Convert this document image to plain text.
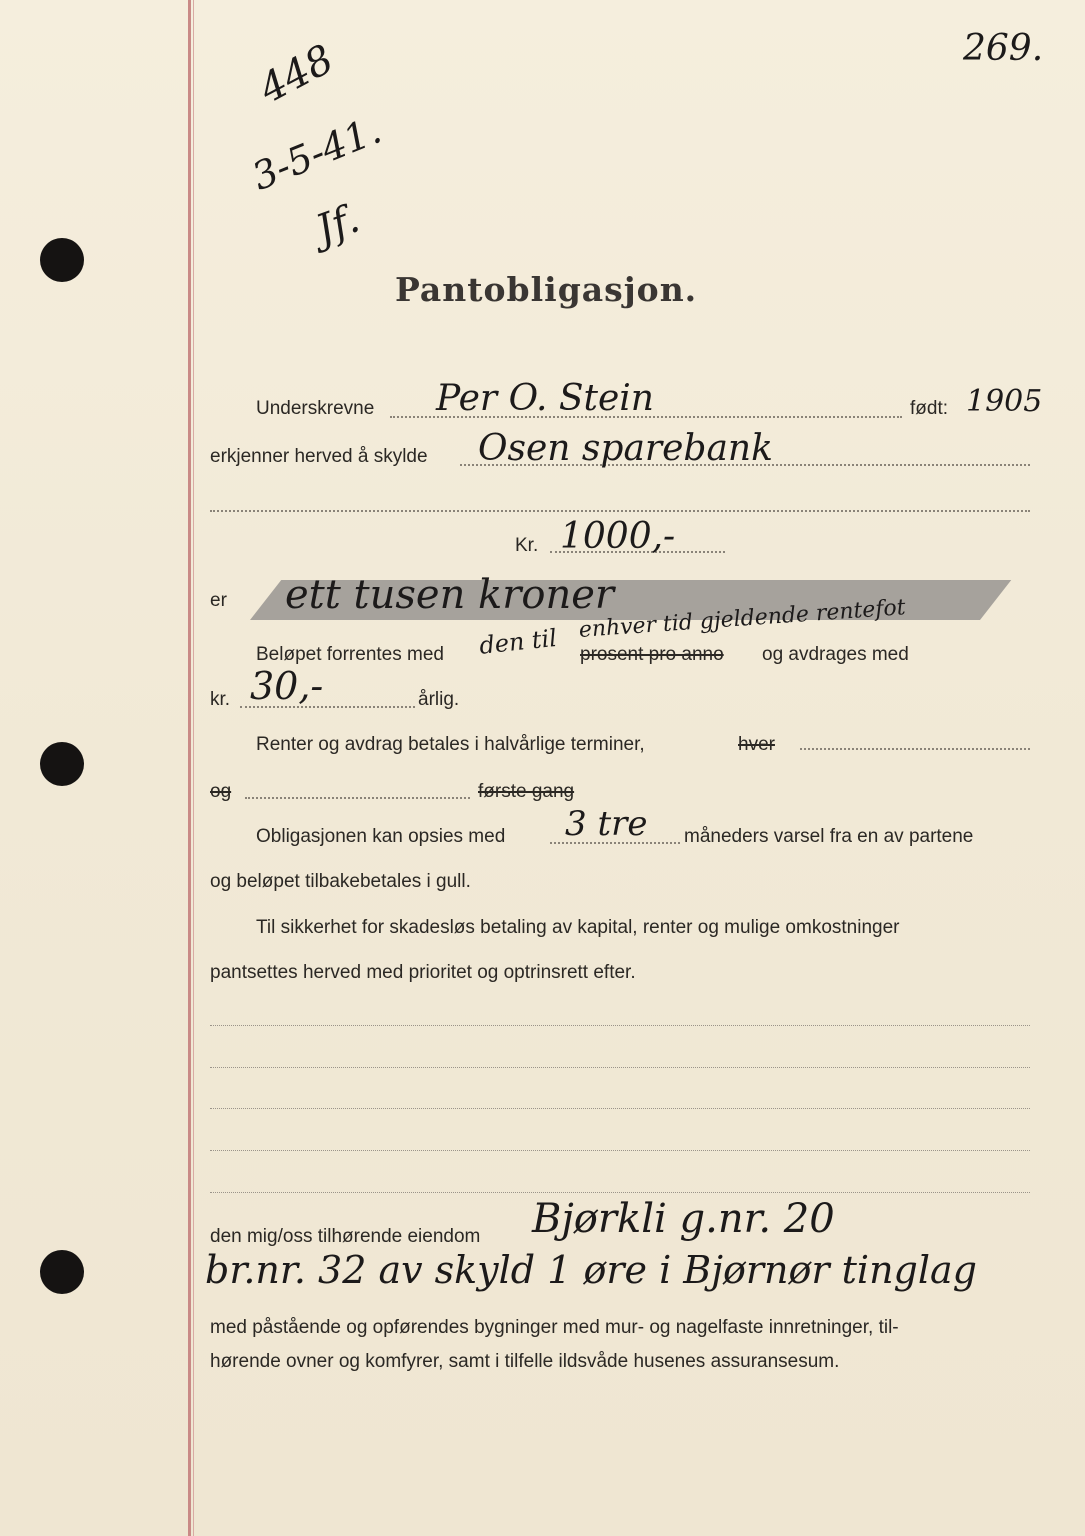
269.
448
3-5-41.
Jf.
Pantobligasjon.
Underskrevne Per O. Stein	født: 1905
erkjenner herved å skylde Osen sparebank
Kr. 1000,-
er ett tusen kroner
Beløpet forrentes med den til enhver tid gjeldende rentefot
prosent pro anno og avdrages med
kr. 30,-	årlig.
Renter og avdrag betales i halvårlige terminer,	hver
og	første gang
Obligasjonen kan opsies med 3 tre måneders varsel fra en av partene
og beløpet tilbakebetales i gull.
Til sikkerhet for skadesløs betaling av kapital, renter og mulige omkostninger
pantsettes herved med prioritet og optrinsrett efter.
den mig/oss tilhørende eiendom Bjørkli g.nr. 20
br.nr. 32 av skyld 1 øre i Bjørnør tinglag
med påstående og opførendes bygninger med mur- og nagelfaste innretninger, til-
hørende ovner og komfyrer, samt i tilfelle ildsvåde husenes assuransesum.
